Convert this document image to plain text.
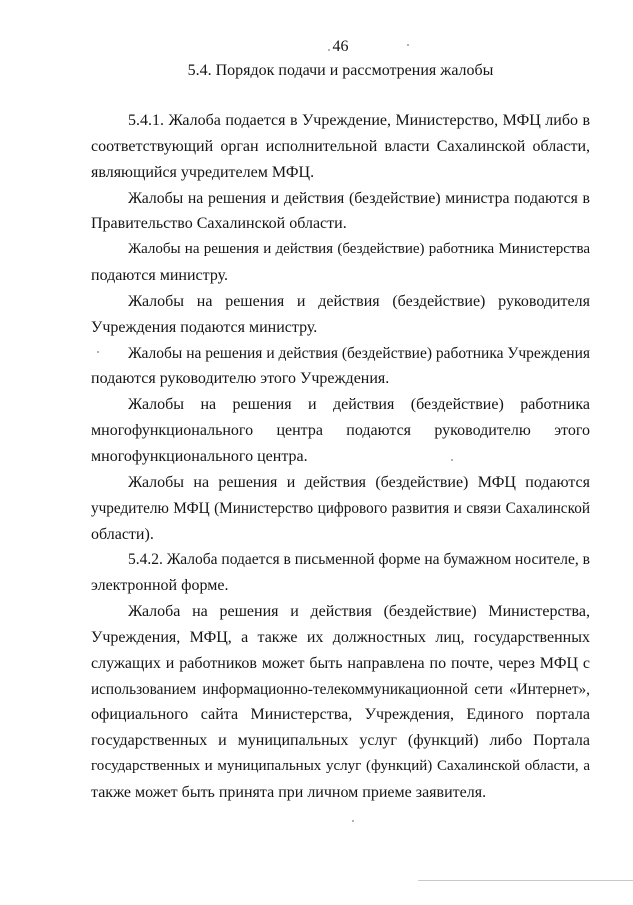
46
5.4. Порядок подачи и рассмотрения жалобы
5.4.1. Жалоба подается в Учреждение, Министерство, МФЦ либо в
соответствующий орган исполнительной власти Сахалинской области,
являющийся учредителем МФЦ.
Жалобы на решения и действия (бездействие) министра подаются в
Правительство Сахалинской области.
Жалобы на решения и действия (бездействие) работника Министерства
подаются министру.
Жалобы на решения и действия (бездействие) руководителя
Учреждения подаются министру.
Жалобы на решения и действия (бездействие) работника Учреждения
подаются руководителю этого Учреждения.
Жалобы на решения и действия (бездействие) работника
многофункционального центра подаются руководителю этого
многофункционального центра.
Жалобы на решения и действия (бездействие) МФЦ подаются
учредителю МФЦ (Министерство цифрового развития и связи Сахалинской
области).
5.4.2. Жалоба подается в письменной форме на бумажном носителе, в
электронной форме.
Жалоба на решения и действия (бездействие) Министерства,
Учреждения, МФЦ, а также их должностных лиц, государственных
служащих и работников может быть направлена по почте, через МФЦ с
использованием информационно-телекоммуникационной сети «Интернет»,
официального сайта Министерства, Учреждения, Единого портала
государственных и муниципальных услуг (функций) либо Портала
государственных и муниципальных услуг (функций) Сахалинской области, а
также может быть принята при личном приеме заявителя.
